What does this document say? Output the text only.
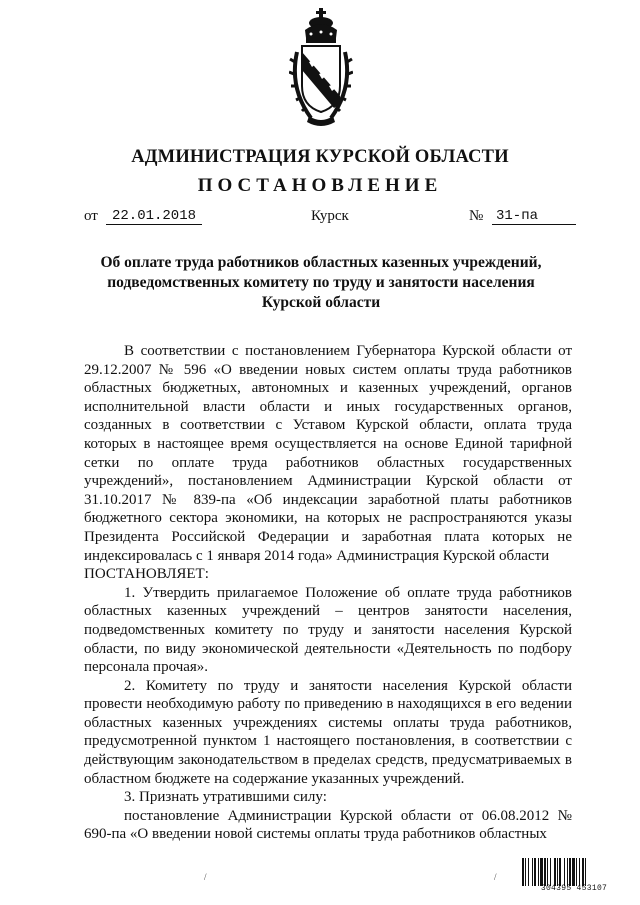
АДМИНИСТРАЦИЯ КУРСКОЙ ОБЛАСТИ
ПОСТАНОВЛЕНИЕ
от	22.01.2018	Курск	№ 31-па
Об оплате труда работников областных казенных учреждений, подведомственных комитету по труду и занятости населения Курской области

В соответствии с постановлением Губернатора Курской области от 29.12.2007 № 596 «О введении новых систем оплаты труда работников областных бюджетных, автономных и казенных учреждений, органов исполнительной власти области и иных государственных органов, созданных в соответствии с Уставом Курской области, оплата труда которых в настоящее время осуществляется на основе Единой тарифной сетки по оплате труда работников областных государственных учреждений», постановлением Администрации Курской области от 31.10.2017 № 839-па «Об индексации заработной платы работников бюджетного сектора экономики, на которых не распространяются указы Президента Российской Федерации и заработная плата которых не индексировалась с 1 января 2014 года» Администрация Курской области

ПОСТАНОВЛЯЕТ:

1. Утвердить прилагаемое Положение об оплате труда работников областных казенных учреждений – центров занятости населения, подведомственных комитету по труду и занятости населения Курской области, по виду экономической деятельности «Деятельность по подбору персонала прочая».

2. Комитету по труду и занятости населения Курской области провести необходимую работу по приведению в находящихся в его ведении областных казенных учреждениях системы оплаты труда работников, предусмотренной пунктом 1 настоящего постановления, в соответствии с действующим законодательством в пределах средств, предусматриваемых в областном бюджете на содержание указанных учреждений.

3. Признать утратившими силу:

постановление Администрации Курской области от 06.08.2012 № 690-па «О введении новой системы оплаты труда работников областных

/	/
304395 453107
